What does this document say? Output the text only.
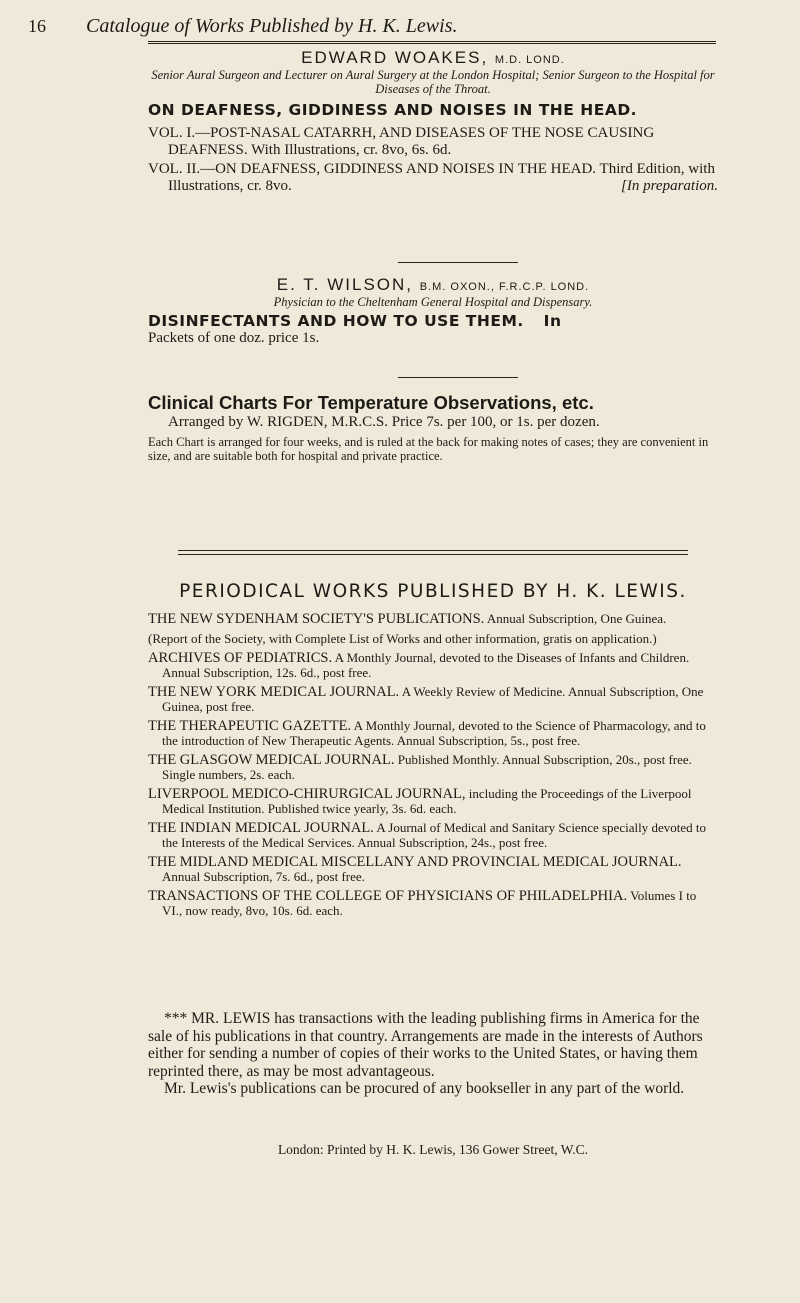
16 Catalogue of Works Published by H. K. Lewis.
EDWARD WOAKES, M.D. LOND.
Senior Aural Surgeon and Lecturer on Aural Surgery at the London Hospital; Senior Surgeon to the Hospital for Diseases of the Throat.
ON DEAFNESS, GIDDINESS AND NOISES IN THE HEAD.
VOL. I.—POST-NASAL CATARRH, AND DISEASES OF THE NOSE CAUSING DEAFNESS. With Illustrations, cr. 8vo, 6s. 6d.
VOL. II.—ON DEAFNESS, GIDDINESS AND NOISES IN THE HEAD. Third Edition, with Illustrations, cr. 8vo.	[In preparation.
E. T. WILSON, B.M. OXON., F.R.C.P. LOND.
Physician to the Cheltenham General Hospital and Dispensary.
DISINFECTANTS AND HOW TO USE THEM. In
Packets of one doz. price 1s.
Clinical Charts For Temperature Observations, etc.
Arranged by W. RIGDEN, M.R.C.S. Price 7s. per 100, or 1s. per dozen.
Each Chart is arranged for four weeks, and is ruled at the back for making notes of cases; they are convenient in size, and are suitable both for hospital and private practice.
PERIODICAL WORKS PUBLISHED BY H. K. LEWIS.
THE NEW SYDENHAM SOCIETY'S PUBLICATIONS. Annual Subscription, One Guinea.
(Report of the Society, with Complete List of Works and other information, gratis on application.)
ARCHIVES OF PEDIATRICS. A Monthly Journal, devoted to the Diseases of Infants and Children. Annual Subscription, 12s. 6d., post free.
THE NEW YORK MEDICAL JOURNAL. A Weekly Review of Medicine. Annual Subscription, One Guinea, post free.
THE THERAPEUTIC GAZETTE. A Monthly Journal, devoted to the Science of Pharmacology, and to the introduction of New Therapeutic Agents. Annual Subscription, 5s., post free.
THE GLASGOW MEDICAL JOURNAL. Published Monthly. Annual Subscription, 20s., post free. Single numbers, 2s. each.
LIVERPOOL MEDICO-CHIRURGICAL JOURNAL, including the Proceedings of the Liverpool Medical Institution. Published twice yearly, 3s. 6d. each.
THE INDIAN MEDICAL JOURNAL. A Journal of Medical and Sanitary Science specially devoted to the Interests of the Medical Services. Annual Subscription, 24s., post free.
THE MIDLAND MEDICAL MISCELLANY AND PROVINCIAL MEDICAL JOURNAL. Annual Subscription, 7s. 6d., post free.
TRANSACTIONS OF THE COLLEGE OF PHYSICIANS OF PHILADELPHIA. Volumes I to VI., now ready, 8vo, 10s. 6d. each.
*** MR. LEWIS has transactions with the leading publishing firms in America for the sale of his publications in that country. Arrangements are made in the interests of Authors either for sending a number of copies of their works to the United States, or having them reprinted there, as may be most advantageous.
Mr. Lewis's publications can be procured of any bookseller in any part of the world.
London: Printed by H. K. Lewis, 136 Gower Street, W.C.
